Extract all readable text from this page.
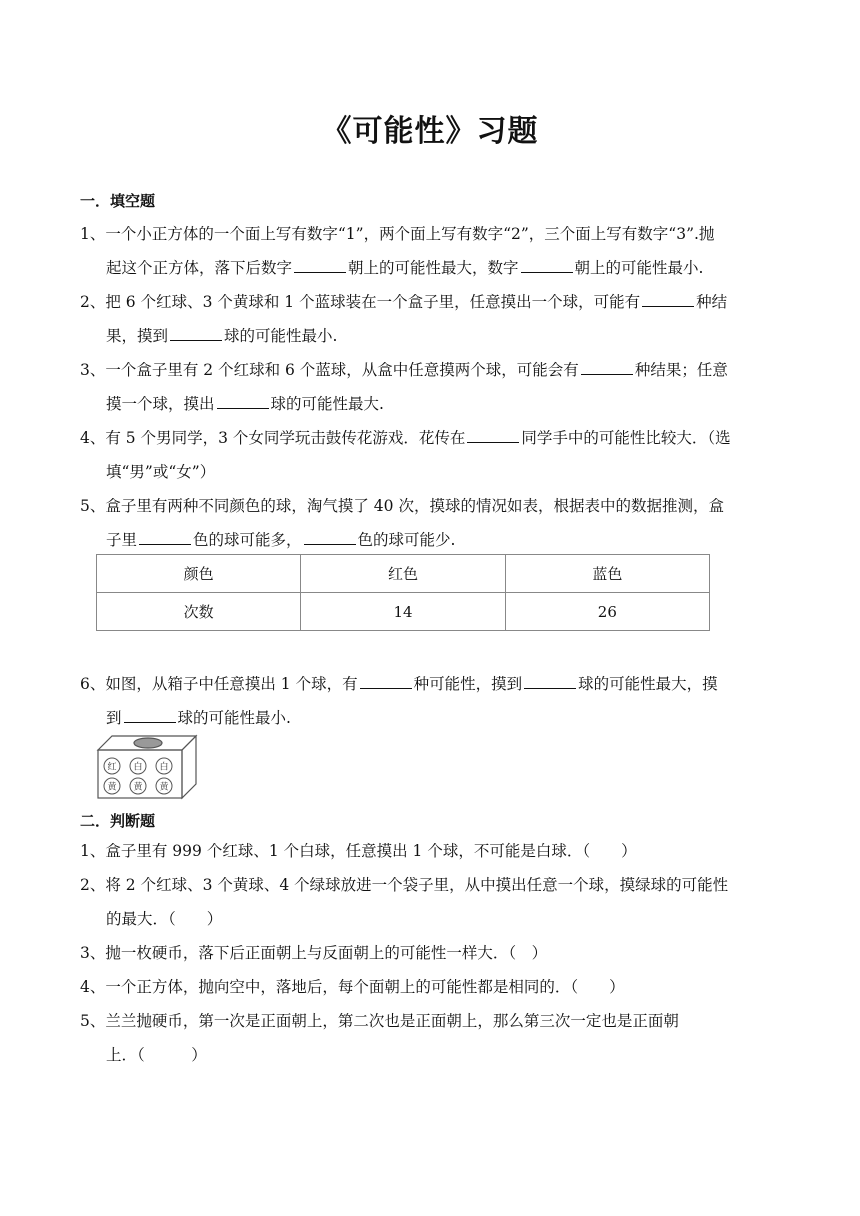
《可能性》习题
一．填空题
1、一个小正方体的一个面上写有数字“1”，两个面上写有数字“2”，三个面上写有数字“3”.抛
起这个正方体，落下后数字	朝上的可能性最大，数字	朝上的可能性最小.
2、把 6 个红球、3 个黄球和 1 个蓝球装在一个盒子里，任意摸出一个球，可能有	种结
果，摸到	球的可能性最小.
3、一个盒子里有 2 个红球和 6 个蓝球，从盒中任意摸两个球，可能会有	种结果；任意
摸一个球，摸出	球的可能性最大.
4、有 5 个男同学，3 个女同学玩击鼓传花游戏．花传在	同学手中的可能性比较大．（选
填“男”或“女”）
5、盒子里有两种不同颜色的球，淘气摸了 40 次，摸球的情况如表，根据表中的数据推测，盒
子里	色的球可能多，	色的球可能少.
颜色	红色	蓝色
次数	14	26
6、如图，从箱子中任意摸出 1 个球，有	种可能性，摸到	球的可能性最大，摸
到	球的可能性最小.
红 白 白
黄 黄 黄
二．判断题
1、盒子里有 999 个红球、1 个白球，任意摸出 1 个球，不可能是白球．（　　）
2、将 2 个红球、3 个黄球、4 个绿球放进一个袋子里，从中摸出任意一个球，摸绿球的可能性
的最大．（　　）
3、抛一枚硬币，落下后正面朝上与反面朝上的可能性一样大．（　）
4、一个正方体，抛向空中，落地后，每个面朝上的可能性都是相同的．（　　）
5、兰兰抛硬币，第一次是正面朝上，第二次也是正面朝上，那么第三次一定也是正面朝
上．（　　　）
